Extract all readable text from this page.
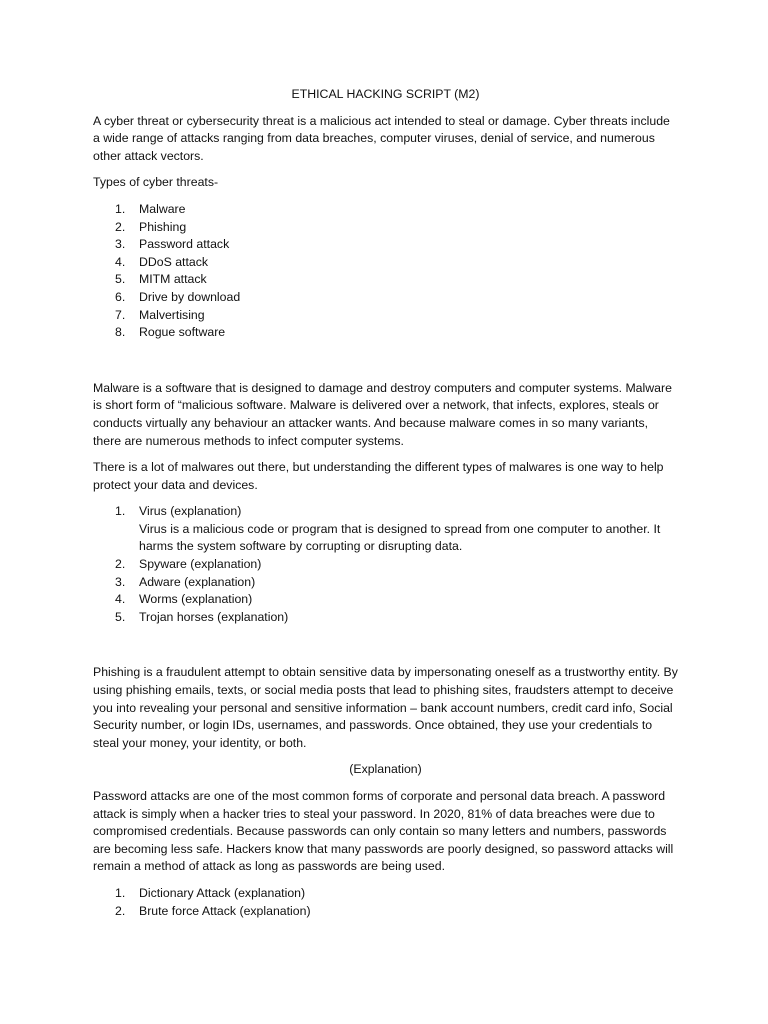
ETHICAL HACKING SCRIPT (M2)

A cyber threat or cybersecurity threat is a malicious act intended to steal or damage. Cyber threats include a wide range of attacks ranging from data breaches, computer viruses, denial of service, and numerous other attack vectors.

Types of cyber threats-

1. Malware
2. Phishing
3. Password attack
4. DDoS attack
5. MITM attack
6. Drive by download
7. Malvertising
8. Rogue software

Malware is a software that is designed to damage and destroy computers and computer systems. Malware is short form of “malicious software. Malware is delivered over a network, that infects, explores, steals or conducts virtually any behaviour an attacker wants. And because malware comes in so many variants, there are numerous methods to infect computer systems.

There is a lot of malwares out there, but understanding the different types of malwares is one way to help protect your data and devices.

1. Virus (explanation)
Virus is a malicious code or program that is designed to spread from one computer to another. It harms the system software by corrupting or disrupting data.
2. Spyware (explanation)
3. Adware (explanation)
4. Worms (explanation)
5. Trojan horses (explanation)

Phishing is a fraudulent attempt to obtain sensitive data by impersonating oneself as a trustworthy entity. By using phishing emails, texts, or social media posts that lead to phishing sites, fraudsters attempt to deceive you into revealing your personal and sensitive information – bank account numbers, credit card info, Social Security number, or login IDs, usernames, and passwords. Once obtained, they use your credentials to steal your money, your identity, or both.

(Explanation)

Password attacks are one of the most common forms of corporate and personal data breach. A password attack is simply when a hacker tries to steal your password. In 2020, 81% of data breaches were due to compromised credentials. Because passwords can only contain so many letters and numbers, passwords are becoming less safe. Hackers know that many passwords are poorly designed, so password attacks will remain a method of attack as long as passwords are being used.

1. Dictionary Attack (explanation)
2. Brute force Attack (explanation)
